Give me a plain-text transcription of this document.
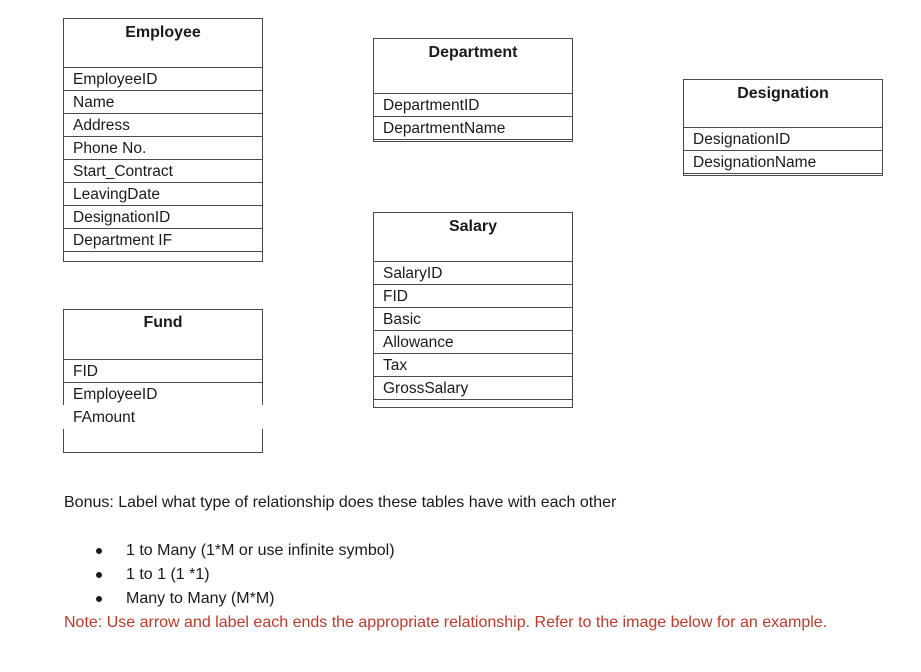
Employee
EmployeeID
Name
Address
Phone No.
Start_Contract
LeavingDate
DesignationID
Department IF
Department
DepartmentID
DepartmentName
Designation
DesignationID
DesignationName
Salary
SalaryID
FID
Basic
Allowance
Tax
GrossSalary
Fund
FID
EmployeeID
FAmount
Bonus: Label what type of relationship does these tables have with each other
1 to Many (1*M or use infinite symbol)
1 to 1 (1 *1)
Many to Many (M*M)
Note: Use arrow and label each ends the appropriate relationship. Refer to the image below for an example.
